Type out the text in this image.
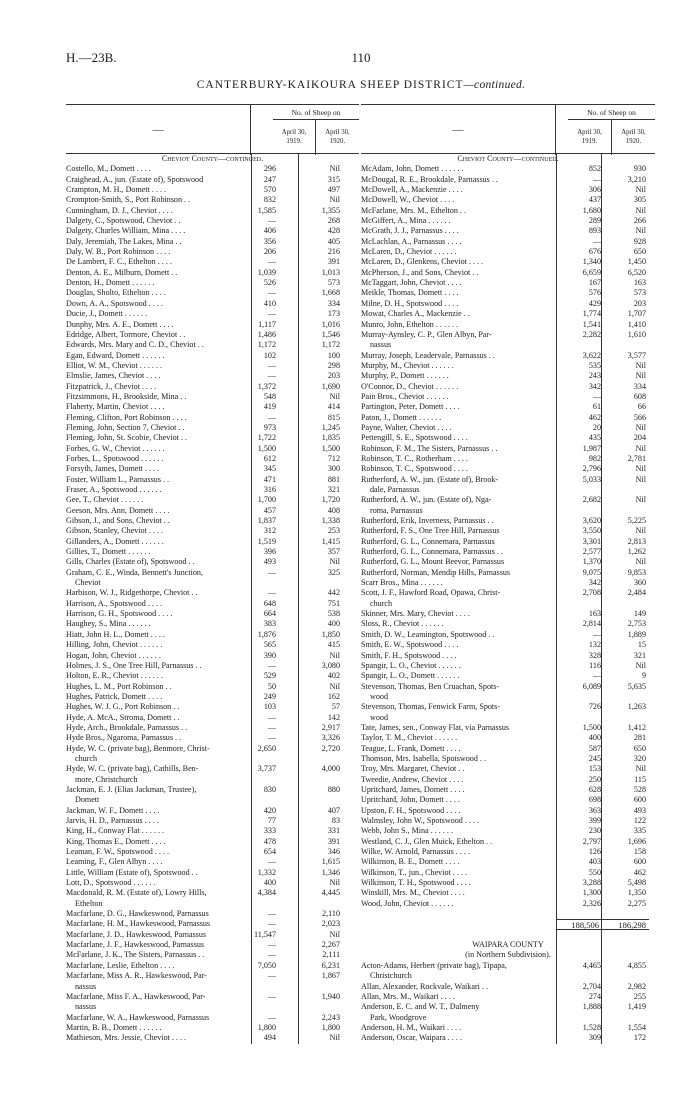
H.—23B.	110
CANTERBURY-KAIKOURA SHEEP DISTRICT—continued.
—
No. of Sheep on
April 30,
1919.
April 30,
1920.
Cheviot County—continued.
Costello, M., Domett . . . .	296	Nil
Craighead, A., jun. (Estate of), Spotswood	247	315
Crampton, M. H., Domett . . . .	570	497
Crompton-Smith, S., Port Robinson . .	832	Nil
Cunningham, D. J., Cheviot . . . .	1,585	1,355
Dalgety, C., Spotswood, Cheviot . .	—	268
Dalgety, Charles William, Mina . . . .	406	428
Daly, Jeremiah, The Lakes, Mina . .	356	405
Daly, W. B., Port Robinson . . . .	206	216
De Lambert, F. C., Ethelton . . . .	—	391
Denton, A. E., Milburn, Domett . .	1,039	1,013
Denton, H., Domett . . . . . .	526	573
Douglas, Sholto, Ethelton . . . .	—	1,668
Down, A. A., Spotswood . . . .	410	334
Ducie, J., Domett . . . . . .	—	173
Dunphy, Mrs. A. E., Domett . . . .	1,117	1,016
Edridge, Albert, Tormore, Cheviot . .	1,486	1,546
Edwards, Mrs. Mary and C. D., Cheviot . .	1,172	1,172
Egan, Edward, Domett . . . . . .	102	100
Elliot, W. M., Cheviot . . . . . .	—	298
Elmslie, James, Cheviot . . . .	—	203
Fitzpatrick, J., Cheviot . . . .	1,372	1,690
Fitzsimmons, H., Brookside, Mina . .	548	Nil
Flaherty, Martin, Cheviot . . . .	419	414
Fleming, Clifton, Port Robinson . . . .	—	815
Fleming, John, Section 7, Cheviot . .	973	1,245
Fleming, John, St. Scobie, Cheviot . .	1,722	1,835
Forbes, G. W., Cheviot . . . . . .	1,500	1,500
Forbes, L., Spotswood . . . . . .	612	712
Forsyth, James, Domett . . . .	345	300
Foster, William L., Parnassus . .	471	881
Fraser, A., Spotswood . . . . . .	316	321
Gee, T., Cheviot . . . . . .	1,700	1,720
Geeson, Mrs. Ann, Domett . . . .	457	408
Gibson, J., and Sons, Cheviot . .	1,837	1,338
Gibson, Stanley, Cheviot . . . .	312	253
Gillanders, A., Domett . . . . . .	1,519	1,415
Gillies, T., Domett . . . . . .	396	357
Gills, Charles (Estate of), Spotswood . .	493	Nil
Graham, C. E., Winda, Bennett's Junction,	—	325
Cheviot
Harbison, W. J., Ridgethorpe, Cheviot . .	—	442
Harrison, A., Spotswood . . . .	648	751
Harrison, G. H., Spotswood . . . .	664	538
Haughey, S., Mina . . . . . .	383	400
Hiatt, John H. L., Domett . . . .	1,876	1,850
Hilling, John, Cheviot . . . . . .	565	415
Hogan, John, Cheviot . . . . . .	390	Nil
Holmes, J. S., One Tree Hill, Parnassus . .	—	3,080
Holton, E. R., Cheviot . . . . . .	529	402
Hughes, L. M., Port Robinson . .	50	Nil
Hughes, Patrick, Domett . . . .	249	162
Hughes, W. J. G., Port Robinson . .	103	57
Hyde, A. McA., Stroma, Domett . .	—	142
Hyde, Arch., Brookdale, Parnassus . .	—	2,917
Hyde Bros., Ngaroma, Parnassus . .	—	3,326
Hyde, W. C. (private bag), Benmore, Christ-	2,650	2,720
church
Hyde, W. C. (private bag), Cathills, Ben-	3,737	4,000
more, Christchurch
Jackman, E. J. (Elias Jackman, Trustee),	830	880
Domett
Jackman, W. F., Domett . . . .	420	407
Jarvis, H. D., Parnassus . . . .	77	83
King, H., Conway Flat . . . . . .	333	331
King, Thomas E., Domett . . . .	478	391
Leaman, F. W., Spotswood . . . .	654	346
Leaming, F., Glen Albyn . . . .	—	1,615
Little, William (Estate of), Spotswood . .	1,332	1,346
Lott, D., Spotswood . . . . . .	400	Nil
Macdonald, R. M. (Estate of), Lowry Hills,	4,384	4,445
Ethelton
Macfarlane, D. G., Hawkeswood, Parnassus	—	2,110
Macfarlane, H. M., Hawkeswood, Parnassus	—	2,023
Macfarlane, J. D., Hawkeswood, Parnassus	11,547	Nil
Macfarlane, J. F., Hawkeswood, Parnassus	—	2,267
McFarlane, J. K., The Sisters, Parnassus . .	—	2,111
Macfarlane, Leslie, Ethelton . . . .	7,050	6,231
Macfarlane, Miss A. R., Hawkeswood, Par-	—	1,867
nassus
Macfarlane, Miss F. A., Hawkeswood, Par-	—	1,940
nassus
Macfarlane, W. A., Hawkeswood, Parnassus	—	2,243
Martin, B. B., Domett . . . . . .	1,800	1,800
Mathieson, Mrs. Jessie, Cheviot . . . .	494	Nil
—
No. of Sheep on
April 30,
1919.
April 30,
1920.
Cheviot County—continued.
McAdam, John, Domett . . . . . .	852	930
McDougal, R. E., Brookdale, Parnassus . .	—	3,210
McDowell, A., Mackenzie . . . .	306	Nil
McDowell, W., Cheviot . . . .	437	305
McFarlane, Mrs. M., Ethelton . .	1,680	Nil
McGiffert, A., Mina . . . . . .	289	266
McGrath, J. J., Parnassus . . . .	893	Nil
McLachlan, A., Parnassus . . . .	—	928
McLaren, D., Cheviot . . . . . .	676	650
McLaren, D., Glenkens, Cheviot . . . .	1,340	1,450
McPherson, J., and Sons, Cheviot . .	6,659	6,520
McTaggart, John, Cheviot . . . .	167	163
Meikle, Thomas, Domett . . . .	576	573
Milne, D. H., Spotswood . . . .	429	203
Mowat, Charles A., Mackenzie . .	1,774	1,707
Munro, John, Ethelton . . . . . .	1,541	1,410
Murray-Aynsley, C. P., Glen Albyn, Par-	2,282	1,610
nassus
Murray, Joseph, Leadervale, Parnassus . .	3,622	3,577
Murphy, M., Cheviot . . . . . .	535	Nil
Murphy, P., Domett . . . . . .	243	Nil
O'Connor, D., Cheviot . . . . . .	342	334
Pain Bros., Cheviot . . . . . .	—	608
Partington, Peter, Domett . . . .	61	66
Paton, J., Domett . . . . . .	462	566
Payne, Walter, Cheviot . . . .	20	Nil
Pettengill, S. E., Spotswood . . . .	435	204
Robinson, F. M., The Sisters, Parnassus . .	1,987	Nil
Robinson, T. C., Rotherham . . . .	982	2,781
Robinson, T. C., Spotswood . . . .	2,796	Nil
Rutherford, A. W., jun. (Estate of), Brook-	5,033	Nil
dale, Parnassus
Rutherford, A. W., jun. (Estate of), Nga-	2,682	Nil
roma, Parnassus
Rutherford, Erik, Inverness, Parnassus . .	3,620	5,225
Rutherford, F. S., One Tree Hill, Parnassus	3,550	Nil
Rutherford, G. L., Connemara, Parnassus	3,301	2,813
Rutherford, G. L., Connemara, Parnassus . .	2,577	1,262
Rutherford, G. L., Mount Beevor, Parnassus	1,370	Nil
Rutherford, Norman, Mendip Hills, Parnassus	9,075	9,853
Scarr Bros., Mina . . . . . .	342	360
Scott, J. F., Hawford Road, Opawa, Christ-	2,708	2,484
church
Skinner, Mrs. Mary, Cheviot . . . .	163	149
Sloss, R., Cheviot . . . . . .	2,814	2,753
Smith, D. W., Leamington, Spotswood . .	—	1,889
Smith, E. W., Spotswood . . . .	132	15
Smith, F. H., Spotswood . . . .	328	321
Spangir, L. O., Cheviot . . . . . .	116	Nil
Spangir, L. O., Domett . . . . . .	—	9
Stevenson, Thomas, Ben Cruachan, Spots-	6,089	5,635
wood
Stevenson, Thomas, Fenwick Farm, Spots-	726	1,263
wood
Tate, James, sen., Conway Flat, via Parnassus	1,500	1,412
Taylor, T. M., Cheviot . . . . . .	400	281
Teague, L. Frank, Domett . . . .	587	650
Thomson, Mrs. Isabella, Spotswood . .	245	320
Troy, Mrs. Margaret, Cheviot . .	153	Nil
Tweedie, Andrew, Cheviot . . . .	250	115
Upritchard, James, Domett . . . .	628	528
Upritchard, John, Domett . . . .	698	600
Upston, F. H., Spotswood . . . .	363	493
Walmsley, John W., Spotswood . . . .	399	122
Webb, John S., Mina . . . . . .	230	335
Westland, C. J., Glen Muick, Ethelton . .	2,797	1,696
Wilke, W. Arnold, Parnassus . . . .	126	158
Wilkinson, B. E., Domett . . . .	403	600
Wilkinson, T., jun., Cheviot . . . .	550	462
Wilkinson, T. H., Spotswood . . . .	3,288	5,498
Winskill, Mrs. M., Cheviot . . . .	1,300	1,350
Wood, John, Cheviot . . . . . .	2,326	2,275
188,506	186,298
WAIPARA COUNTY
(in Northern Subdivision).
Acton-Adams, Herbert (private bag), Tipapa,	4,465	4,855
Christchurch
Allan, Alexander, Rockvale, Waikari . .	2,704	2,982
Allan, Mrs. M., Waikari . . . .	274	255
Anderson, E. C. and W. T., Dalmeny	1,888	1,419
Park, Woodgrove
Anderson, H. M., Waikari . . . .	1,528	1,554
Anderson, Oscar, Waipara . . . .	309	172
